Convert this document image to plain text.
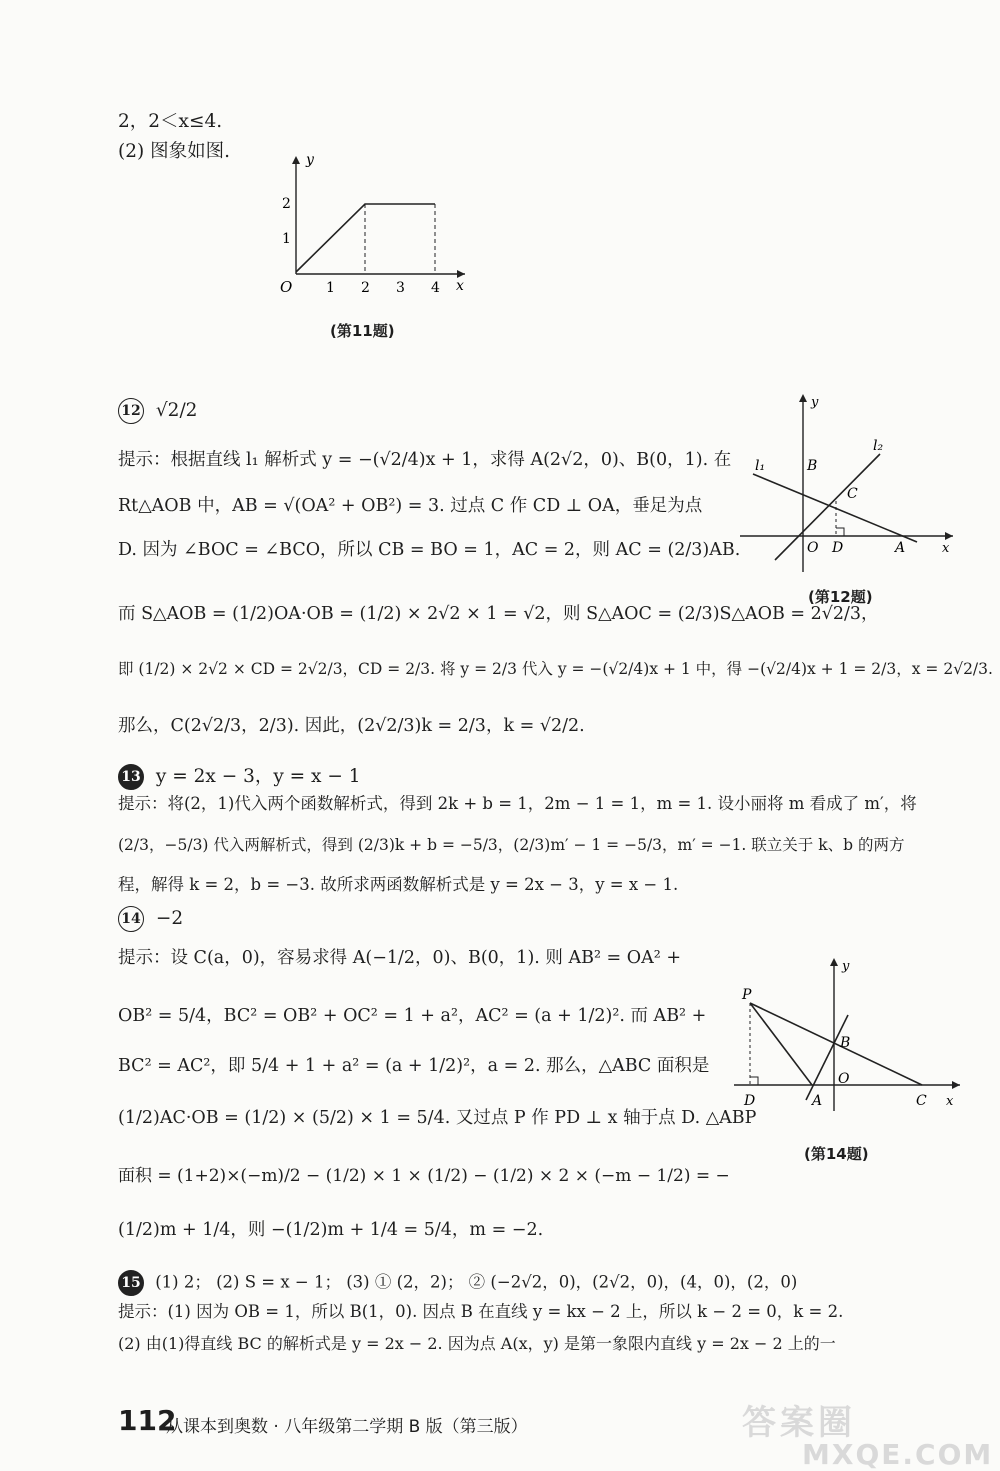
2，2＜x≤4.
(2) 图象如图.	y
x
O 1 2 3 4
1
2
(第11题)
12 √2/2
提示：根据直线 l₁ 解析式 y = −(√2/4)x + 1，求得 A(2√2，0)、B(0，1). 在
Rt△AOB 中，AB = √(OA² + OB²) = 3. 过点 C 作 CD ⊥ OA，垂足为点
D. 因为 ∠BOC = ∠BCO，所以 CB = BO = 1，AC = 2，则 AC = (2/3)AB.
而 S△AOB = (1/2)OA·OB = (1/2) × 2√2 × 1 = √2，则 S△AOC = (2/3)S△AOB = 2√2/3，
即 (1/2) × 2√2 × CD = 2√2/3，CD = 2/3. 将 y = 2/3 代入 y = −(√2/4)x + 1 中，得 −(√2/4)x + 1 = 2/3，x = 2√2/3.
那么，C(2√2/3，2/3). 因此，(2√2/3)k = 2/3，k = √2/2.
l₁
l₂
B
C
O D	A	x
y
(第12题)
13 y = 2x − 3，y = x − 1
提示：将(2，1)代入两个函数解析式，得到 2k + b = 1，2m − 1 = 1，m = 1. 设小丽将 m 看成了 m′，将
(2/3，−5/3) 代入两解析式，得到 (2/3)k + b = −5/3，(2/3)m′ − 1 = −5/3，m′ = −1. 联立关于 k、b 的两方
程，解得 k = 2，b = −3. 故所求两函数解析式是 y = 2x − 3，y = x − 1.
14 −2
提示：设 C(a，0)，容易求得 A(−1/2，0)、B(0，1). 则 AB² = OA² +
OB² = 5/4，BC² = OB² + OC² = 1 + a²，AC² = (a + 1/2)². 而 AB² +
BC² = AC²，即 5/4 + 1 + a² = (a + 1/2)²，a = 2. 那么，△ABC 面积是
(1/2)AC·OB = (1/2) × (5/2) × 1 = 5/4. 又过点 P 作 PD ⊥ x 轴于点 D. △ABP
面积 = (1+2)×(−m)/2 − (1/2) × 1 × (1/2) − (1/2) × 2 × (−m − 1/2) = −
(1/2)m + 1/4，则 −(1/2)m + 1/4 = 5/4，m = −2.
P
B
O
D	A	C x
y
(第14题)
15 (1) 2； (2) S = x − 1； (3) ① (2，2)； ② (−2√2，0)，(2√2，0)，(4，0)，(2，0)
提示：(1) 因为 OB = 1，所以 B(1，0). 因点 B 在直线 y = kx − 2 上，所以 k − 2 = 0，k = 2.
(2) 由(1)得直线 BC 的解析式是 y = 2x − 2. 因为点 A(x，y) 是第一象限内直线 y = 2x − 2 上的一
112
从课本到奥数 · 八年级第二学期 B 版（第三版）	答案圈
MXQE.COM
